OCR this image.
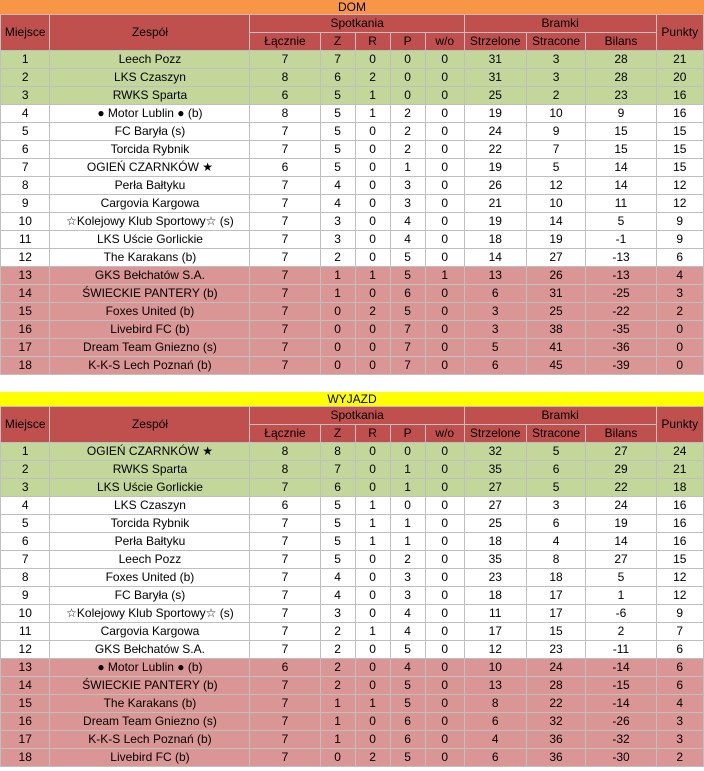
DOM
Miejsce	Zespół	Spotkania					Bramki			Punkty
		Łącznie	Z	R	P	w/o	Strzelone	Stracone	Bilans	
1	Leech Pozz	7	7	0	0	0	31	3	28	21
2	LKS Czaszyn	8	6	2	0	0	31	3	28	20
3	RWKS Sparta	6	5	1	0	0	25	2	23	16
4	● Motor Lublin ● (b)	8	5	1	2	0	19	10	9	16
5	FC Baryła (s)	7	5	0	2	0	24	9	15	15
6	Torcida Rybnik	7	5	0	2	0	22	7	15	15
7	OGIEŃ CZARNKÓW ★	6	5	0	1	0	19	5	14	15
8	Perła Bałtyku	7	4	0	3	0	26	12	14	12
9	Cargovia Kargowa	7	4	0	3	0	21	10	11	12
10	☆Kolejowy Klub Sportowy☆ (s)	7	3	0	4	0	19	14	5	9
11	LKS Uście Gorlickie	7	3	0	4	0	18	19	-1	9
12	The Karakans (b)	7	2	0	5	0	14	27	-13	6
13	GKS Bełchatów S.A.	7	1	1	5	1	13	26	-13	4
14	ŚWIECKIE PANTERY (b)	7	1	0	6	0	6	31	-25	3
15	Foxes United (b)	7	0	2	5	0	3	25	-22	2
16	Livebird FC (b)	7	0	0	7	0	3	38	-35	0
17	Dream Team Gniezno (s)	7	0	0	7	0	5	41	-36	0
18	K-K-S Lech Poznań (b)	7	0	0	7	0	6	45	-39	0
WYJAZD
Miejsce	Zespół	Spotkania					Bramki			Punkty
		Łącznie	Z	R	P	w/o	Strzelone	Stracone	Bilans	
1	OGIEŃ CZARNKÓW ★	8	8	0	0	0	32	5	27	24
2	RWKS Sparta	8	7	0	1	0	35	6	29	21
3	LKS Uście Gorlickie	7	6	0	1	0	27	5	22	18
4	LKS Czaszyn	6	5	1	0	0	27	3	24	16
5	Torcida Rybnik	7	5	1	1	0	25	6	19	16
6	Perła Bałtyku	7	5	1	1	0	18	4	14	16
7	Leech Pozz	7	5	0	2	0	35	8	27	15
8	Foxes United (b)	7	4	0	3	0	23	18	5	12
9	FC Baryła (s)	7	4	0	3	0	18	17	1	12
10	☆Kolejowy Klub Sportowy☆ (s)	7	3	0	4	0	11	17	-6	9
11	Cargovia Kargowa	7	2	1	4	0	17	15	2	7
12	GKS Bełchatów S.A.	7	2	0	5	0	12	23	-11	6
13	● Motor Lublin ● (b)	6	2	0	4	0	10	24	-14	6
14	ŚWIECKIE PANTERY (b)	7	2	0	5	0	13	28	-15	6
15	The Karakans (b)	7	1	1	5	0	8	22	-14	4
16	Dream Team Gniezno (s)	7	1	0	6	0	6	32	-26	3
17	K-K-S Lech Poznań (b)	7	1	0	6	0	4	36	-32	3
18	Livebird FC (b)	7	0	2	5	0	6	36	-30	2
